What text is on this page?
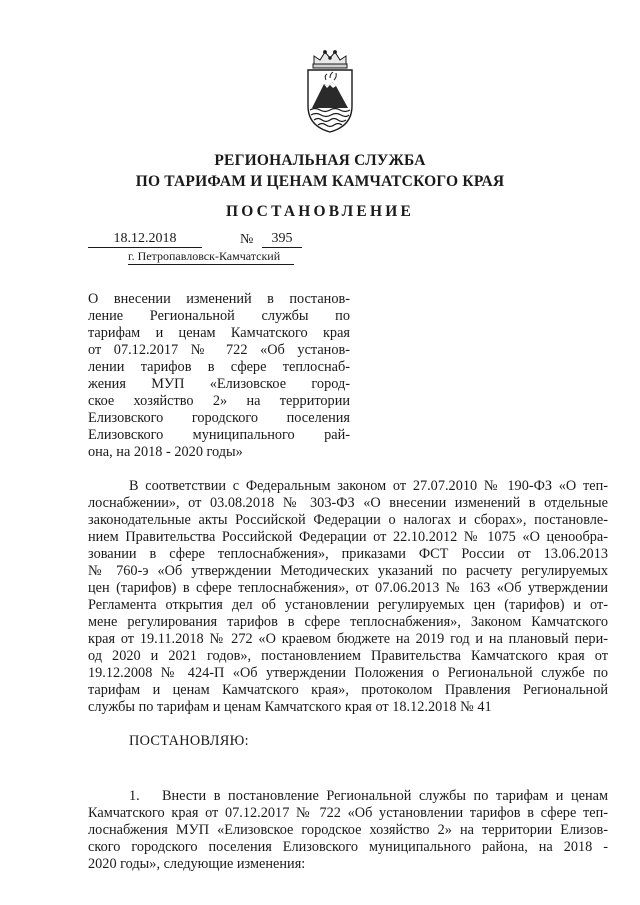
РЕГИОНАЛЬНАЯ СЛУЖБА
ПО ТАРИФАМ И ЦЕНАМ КАМЧАТСКОГО КРАЯ
ПОСТАНОВЛЕНИЕ
18.12.2018	№	395
г. Петропавловск-Камчатский
О внесении изменений в постанов-
ление Региональной службы по
тарифам и ценам Камчатского края
от 07.12.2017 № 722 «Об установ-
лении тарифов в сфере теплоснаб-
жения МУП «Елизовское город-
ское хозяйство 2» на территории
Елизовского городского поселения
Елизовского муниципального рай-
она, на 2018 - 2020 годы»
В соответствии с Федеральным законом от 27.07.2010 № 190-ФЗ «О теп-
лоснабжении», от 03.08.2018 № 303-ФЗ «О внесении изменений в отдельные
законодательные акты Российской Федерации о налогах и сборах», постановле-
нием Правительства Российской Федерации от 22.10.2012 № 1075 «О ценообра-
зовании в сфере теплоснабжения», приказами ФСТ России от 13.06.2013
№ 760-э «Об утверждении Методических указаний по расчету регулируемых
цен (тарифов) в сфере теплоснабжения», от 07.06.2013 № 163 «Об утверждении
Регламента открытия дел об установлении регулируемых цен (тарифов) и от-
мене регулирования тарифов в сфере теплоснабжения», Законом Камчатского
края от 19.11.2018 № 272 «О краевом бюджете на 2019 год и на плановый пери-
од 2020 и 2021 годов», постановлением Правительства Камчатского края от
19.12.2008 № 424-П «Об утверждении Положения о Региональной службе по
тарифам и ценам Камчатского края», протоколом Правления Региональной
службы по тарифам и ценам Камчатского края от 18.12.2018 № 41
ПОСТАНОВЛЯЮ:
1. Внести в постановление Региональной службы по тарифам и ценам
Камчатского края от 07.12.2017 № 722 «Об установлении тарифов в сфере теп-
лоснабжения МУП «Елизовское городское хозяйство 2» на территории Елизов-
ского городского поселения Елизовского муниципального района, на 2018 -
2020 годы», следующие изменения:
